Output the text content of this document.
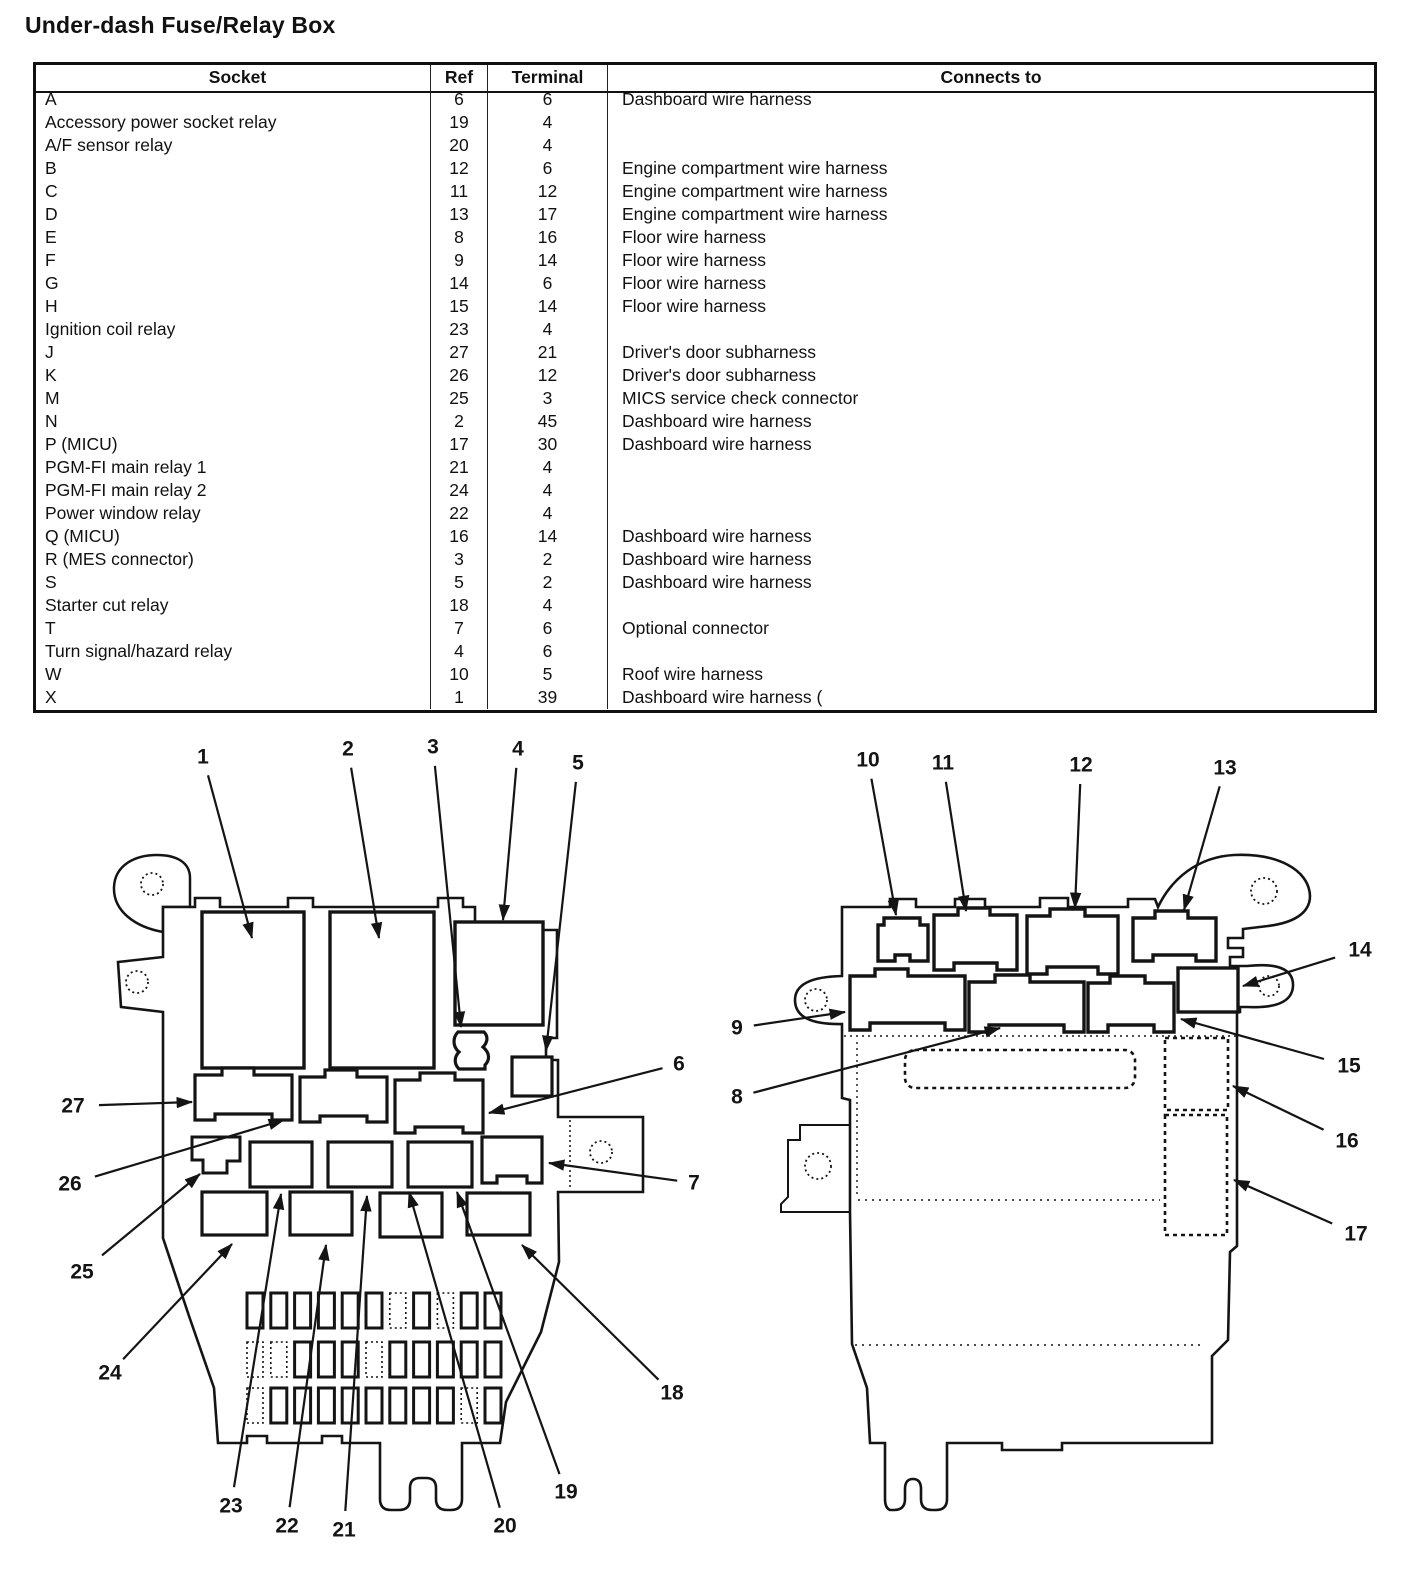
Under-dash Fuse/Relay Box
Socket	Ref	Terminal	Connects to
A	6	6	Dashboard wire harness
Accessory power socket relay	19	4
A/F sensor relay	20	4
B	12	6	Engine compartment wire harness
C	11	12	Engine compartment wire harness
D	13	17	Engine compartment wire harness
E	8	16	Floor wire harness
F	9	14	Floor wire harness
G	14	6	Floor wire harness
H	15	14	Floor wire harness
Ignition coil relay	23	4
J	27	21	Driver's door subharness
K	26	12	Driver's door subharness
M	25	3	MICS service check connector
N	2	45	Dashboard wire harness
P (MICU)	17	30	Dashboard wire harness
PGM-FI main relay 1	21	4
PGM-FI main relay 2	24	4
Power window relay	22	4
Q (MICU)	16	14	Dashboard wire harness
R (MES connector)	3	2	Dashboard wire harness
S	5	2	Dashboard wire harness
Starter cut relay	18	4
T	7	6	Optional connector
Turn signal/hazard relay	4	6
W	10	5	Roof wire harness
X	1	39	Dashboard wire harness (
1	2	3	4
5
6
7
8
9
10 11	12	13
14
15
16
17
18
19
20
21
22
23
24
25
26
27
